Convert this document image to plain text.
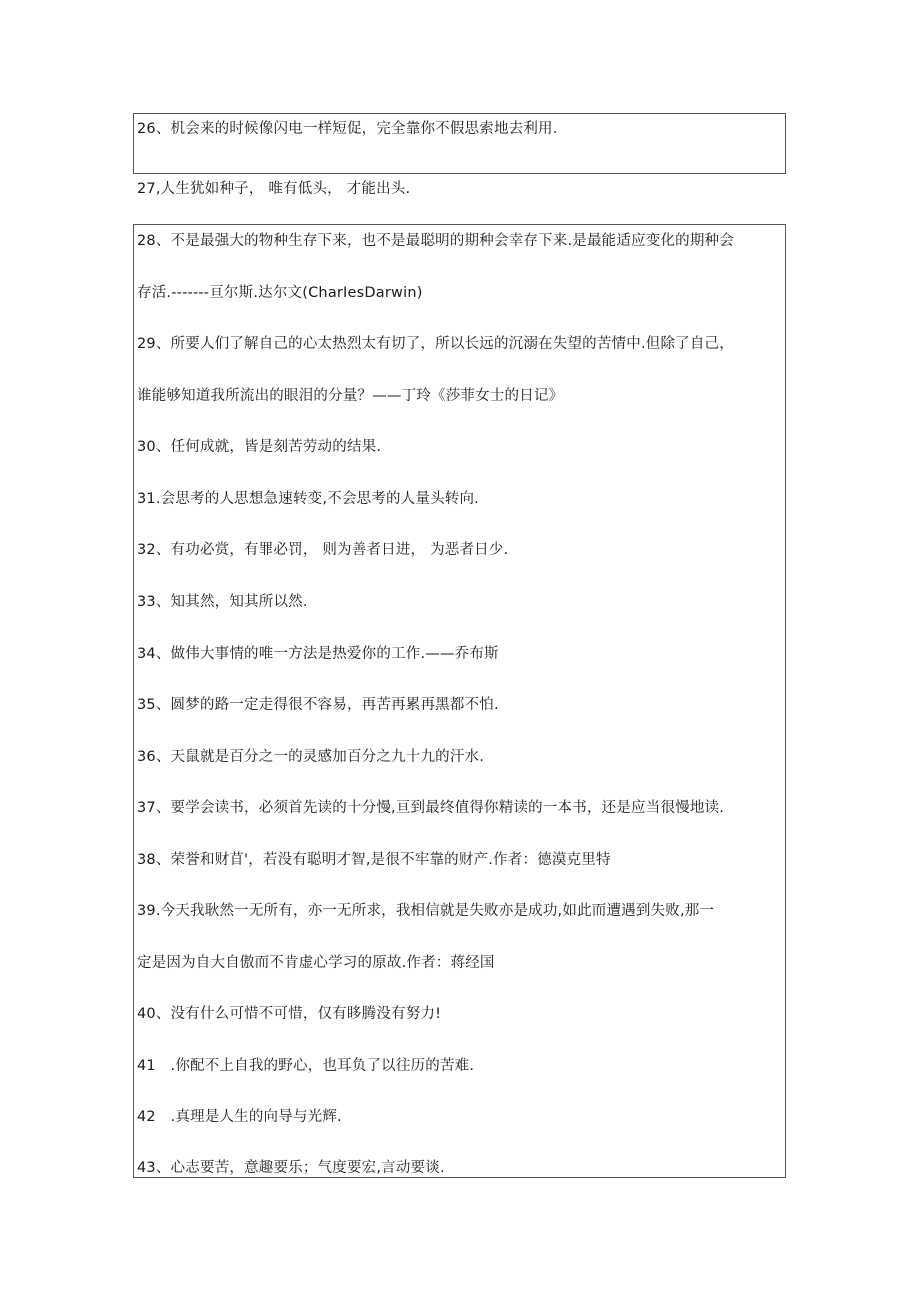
26、机会来的时候像闪电一样短促，完全靠你不假思索地去利用.
27,人生犹如种子， 唯有低头， 才能出头.
28、不是最强大的物种生存下来，也不是最聪明的期种会幸存下来.是最能适应变化的期种会
存活.-------亘尔斯.达尔文(CharIesDarwin)
29、所要人们了解自己的心太热烈太有切了，所以长远的沉溺在失望的苦情中.但除了自己，
谁能够知道我所流出的眼泪的分量？——丁玲《莎菲女士的日记》
30、任何成就，皆是刻苦劳动的结果.
31.会思考的人思想急速转变,不会思考的人量头转向.
32、有功必赏，有罪必罚， 则为善者日进， 为恶者日少.
33、知其然，知其所以然.
34、做伟大事情的唯一方法是热爱你的工作.——乔布斯
35、圆梦的路一定走得很不容易，再苦再累再黑都不怕.
36、天鼠就是百分之一的灵感加百分之九十九的汗水.
37、要学会读书，必须首先读的十分慢,亘到最终值得你精读的一本书，还是应当很慢地读.
38、荣誉和财苜'，若没有聪明才智,是很不牢靠的财产.作者：德漠克里特
39.今天我耿然一无所有，亦一无所求，我相信就是失败亦是成功,如此而遭遇到失败,那一
定是因为自大自傲而不肯虚心学习的原故.作者：蒋经国
40、没有什么可惜不可惜，仅有眵腾没有努力!
41　.你配不上自我的野心，也耳负了以往历的苦难.
42　.真理是人生的向导与光辉.
43、心志要苦，意趣要乐；气度要宏,言动要谈.
